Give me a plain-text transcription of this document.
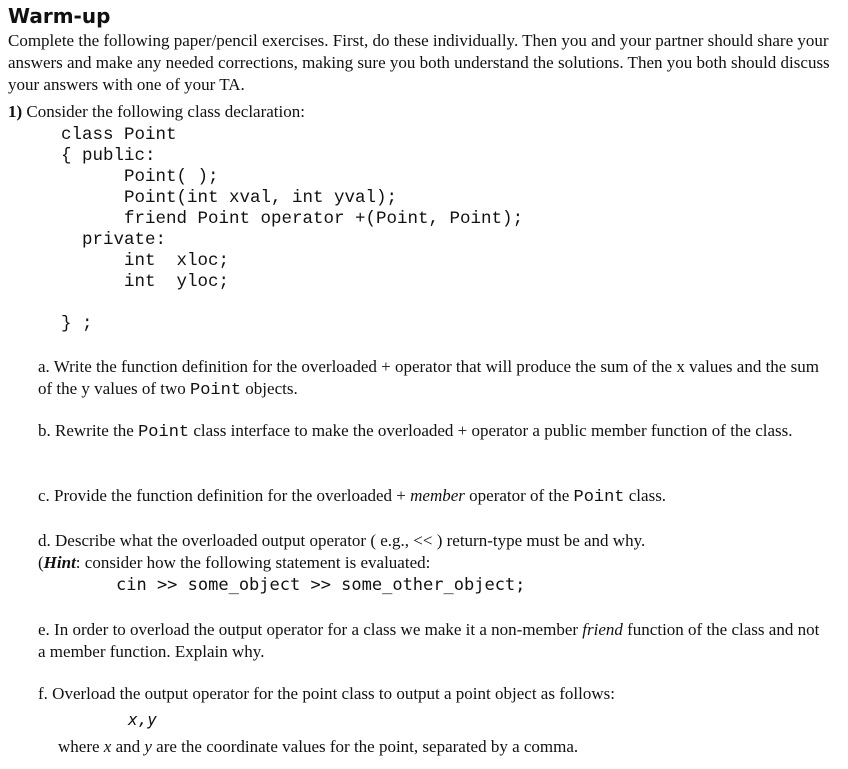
Warm-up
Complete the following paper/pencil exercises. First, do these individually. Then you and your partner should share your answers and make any needed corrections, making sure you both understand the solutions. Then you both should discuss your answers with one of your TA.
1) Consider the following class declaration:
class Point
{ public:
Point( );
Point(int xval, int yval);
friend Point operator +(Point, Point);
private:
int  xloc;
int  yloc;
} ;
a. Write the function definition for the overloaded + operator that will produce the sum of the x values and the sum of the y values of two Point objects.
b. Rewrite the Point class interface to make the overloaded + operator a public member function of the class.
c. Provide the function definition for the overloaded + member operator of the Point class.
d. Describe what the overloaded output operator ( e.g., << ) return-type must be and why.
(Hint: consider how the following statement is evaluated:
cin >> some_object >> some_other_object;
e. In order to overload the output operator for a class we make it a non-member friend function of the class and not a member function. Explain why.
f. Overload the output operator for the point class to output a point object as follows:
x,y
where x and y are the coordinate values for the point, separated by a comma.
